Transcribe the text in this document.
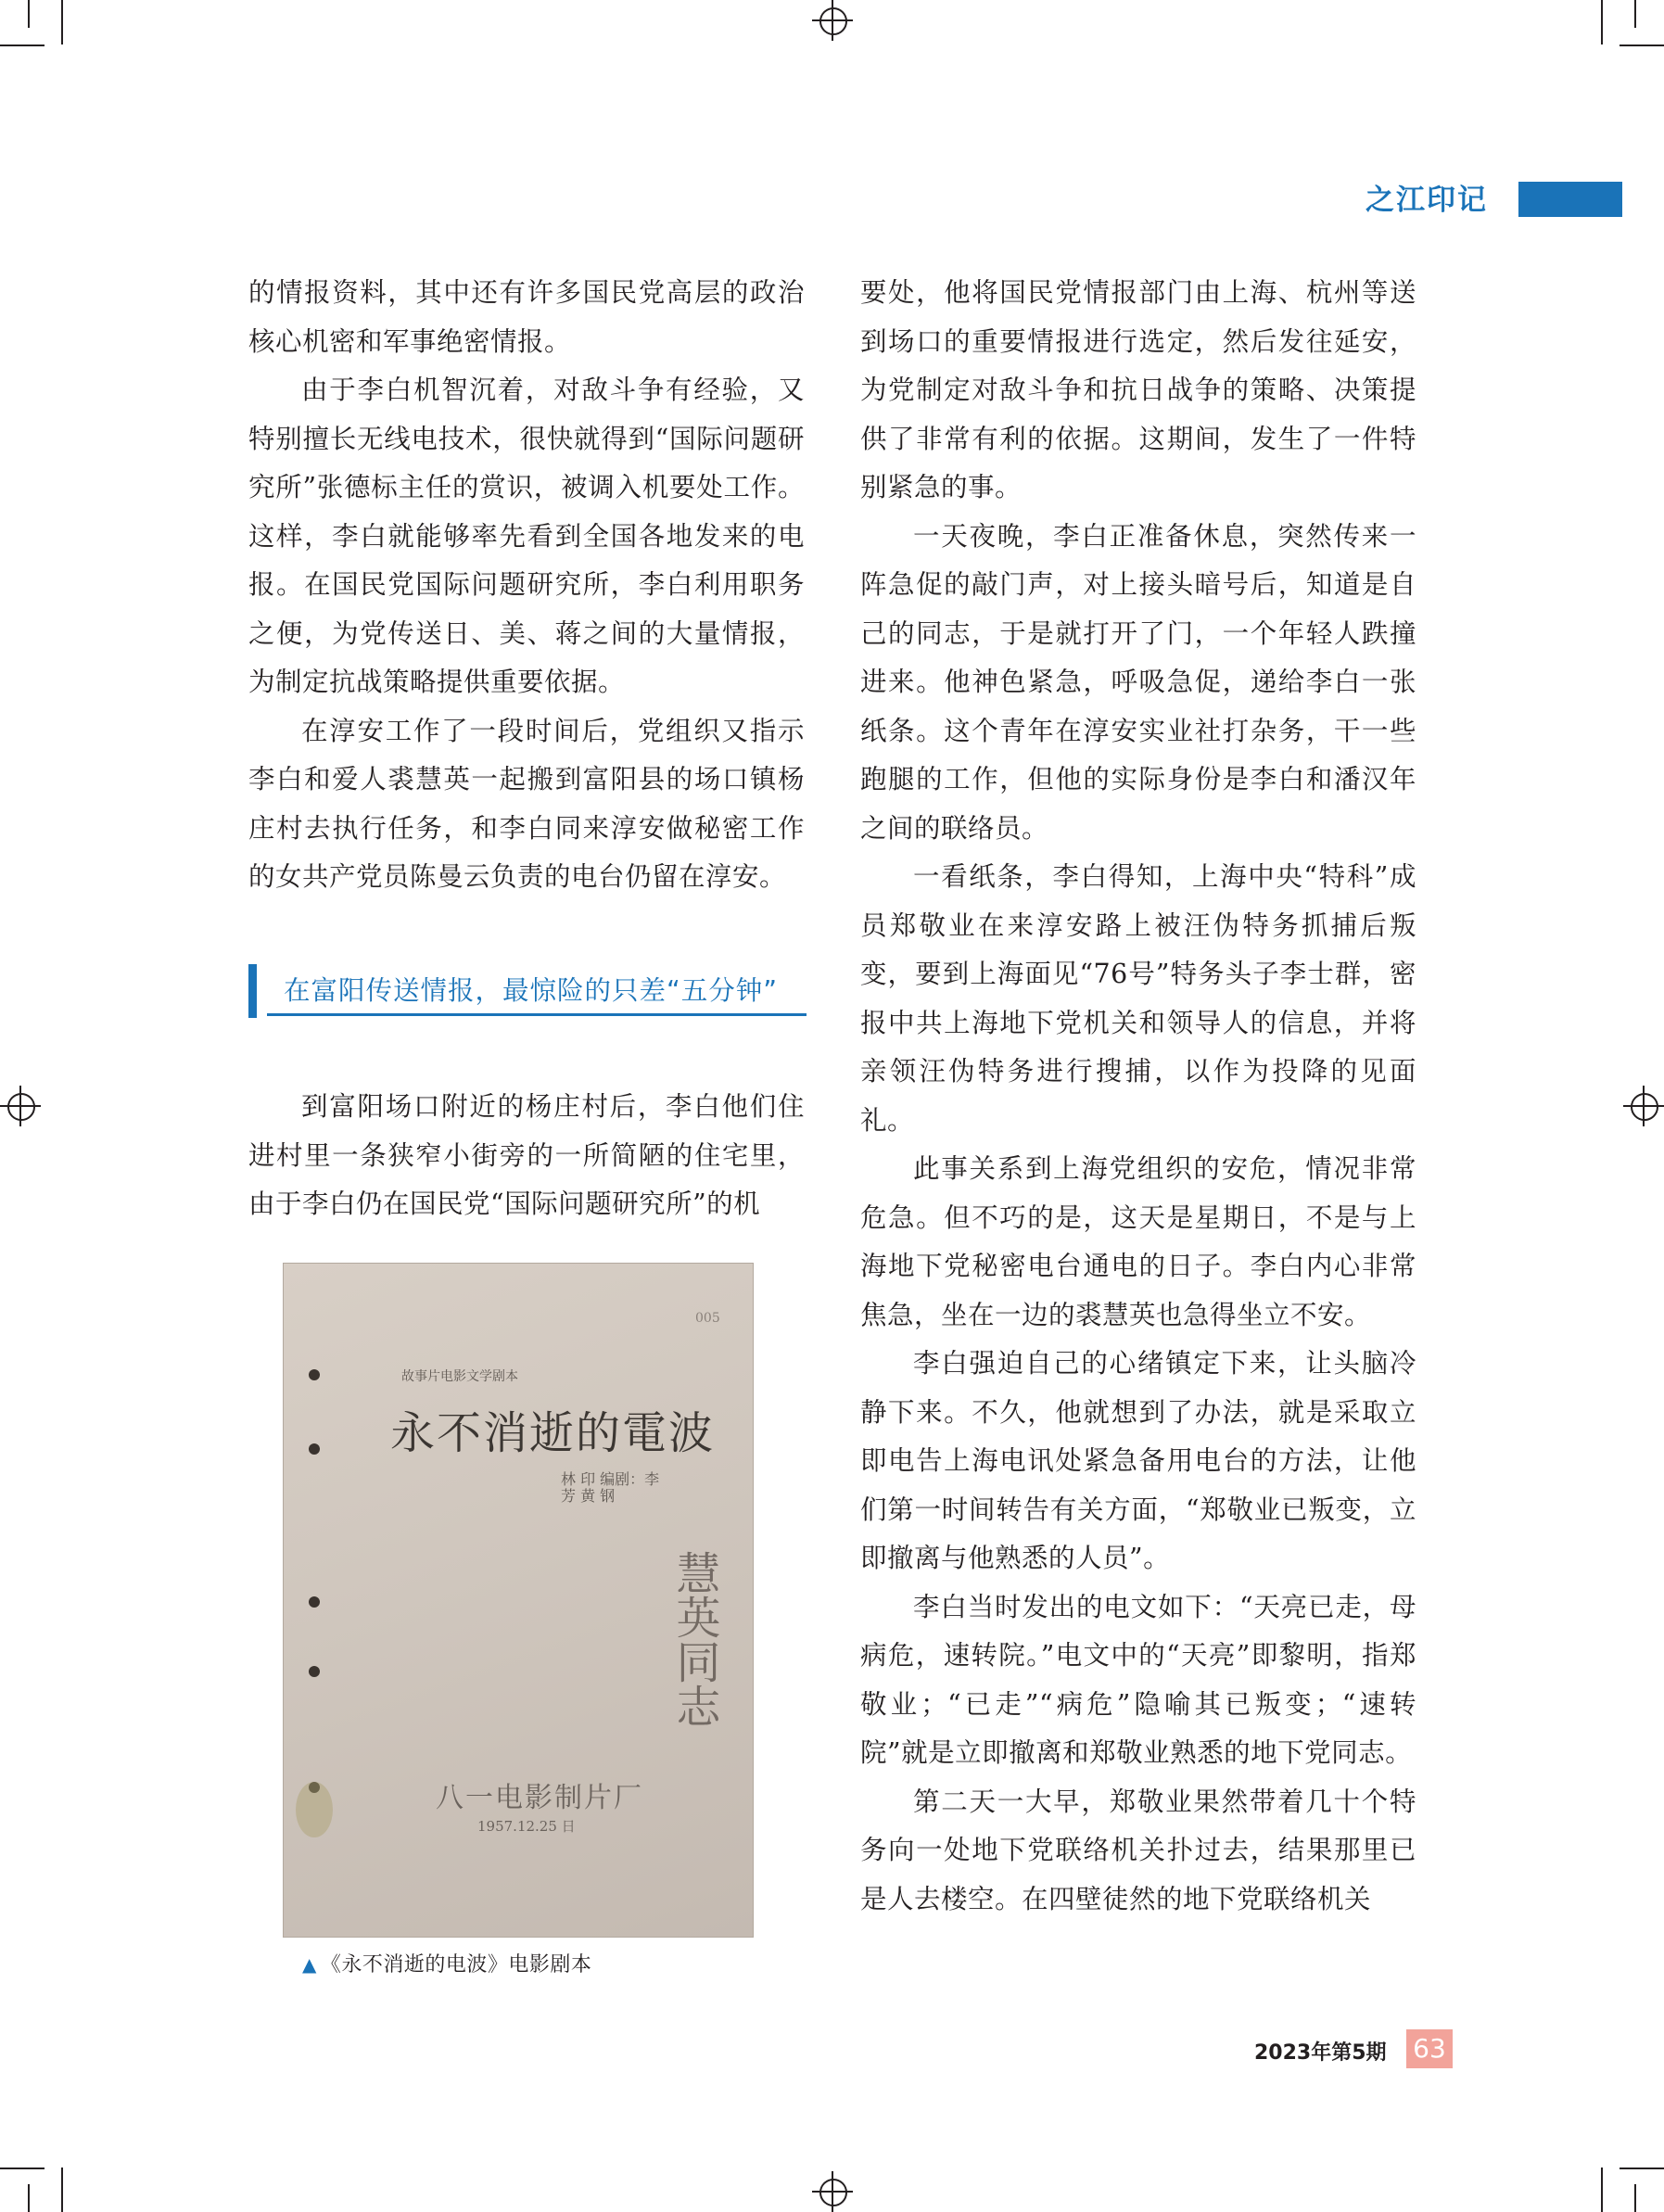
之江印记

的情报资料，其中还有许多国民党高层的政治核心机密和军事绝密情报。

由于李白机智沉着，对敌斗争有经验，又特别擅长无线电技术，很快就得到“国际问题研究所”张德标主任的赏识，被调入机要处工作。这样，李白就能够率先看到全国各地发来的电报。在国民党国际问题研究所，李白利用职务之便，为党传送日、美、蒋之间的大量情报，为制定抗战策略提供重要依据。

在淳安工作了一段时间后，党组织又指示李白和爱人裘慧英一起搬到富阳县的场口镇杨庄村去执行任务，和李白同来淳安做秘密工作的女共产党员陈曼云负责的电台仍留在淳安。

在富阳传送情报，最惊险的只差“五分钟”

到富阳场口附近的杨庄村后，李白他们住进村里一条狭窄小街旁的一所简陋的住宅里，由于李白仍在国民党“国际问题研究所”的机

005
故事片电影文学剧本
永不消逝的電波
林 印 编剧：李 芳 黄 钢
慧英同志
八一电影制片厂
1957.12.25 日
▲ 《永不消逝的电波》电影剧本

要处，他将国民党情报部门由上海、杭州等送到场口的重要情报进行选定，然后发往延安，为党制定对敌斗争和抗日战争的策略、决策提供了非常有利的依据。这期间，发生了一件特别紧急的事。

一天夜晚，李白正准备休息，突然传来一阵急促的敲门声，对上接头暗号后，知道是自己的同志，于是就打开了门，一个年轻人跌撞进来。他神色紧急，呼吸急促，递给李白一张纸条。这个青年在淳安实业社打杂务，干一些跑腿的工作，但他的实际身份是李白和潘汉年之间的联络员。

一看纸条，李白得知，上海中央“特科”成员郑敬业在来淳安路上被汪伪特务抓捕后叛变，要到上海面见“76号”特务头子李士群，密报中共上海地下党机关和领导人的信息，并将亲领汪伪特务进行搜捕，以作为投降的见面礼。

此事关系到上海党组织的安危，情况非常危急。但不巧的是，这天是星期日，不是与上海地下党秘密电台通电的日子。李白内心非常焦急，坐在一边的裘慧英也急得坐立不安。

李白强迫自己的心绪镇定下来，让头脑冷静下来。不久，他就想到了办法，就是采取立即电告上海电讯处紧急备用电台的方法，让他们第一时间转告有关方面，“郑敬业已叛变，立即撤离与他熟悉的人员”。

李白当时发出的电文如下：“天亮已走，母病危，速转院。”电文中的“天亮”即黎明，指郑敬业；“已走”“病危”隐喻其已叛变；“速转院”就是立即撤离和郑敬业熟悉的地下党同志。

第二天一大早，郑敬业果然带着几十个特务向一处地下党联络机关扑过去，结果那里已是人去楼空。在四壁徒然的地下党联络机关

2023年第5期 63
